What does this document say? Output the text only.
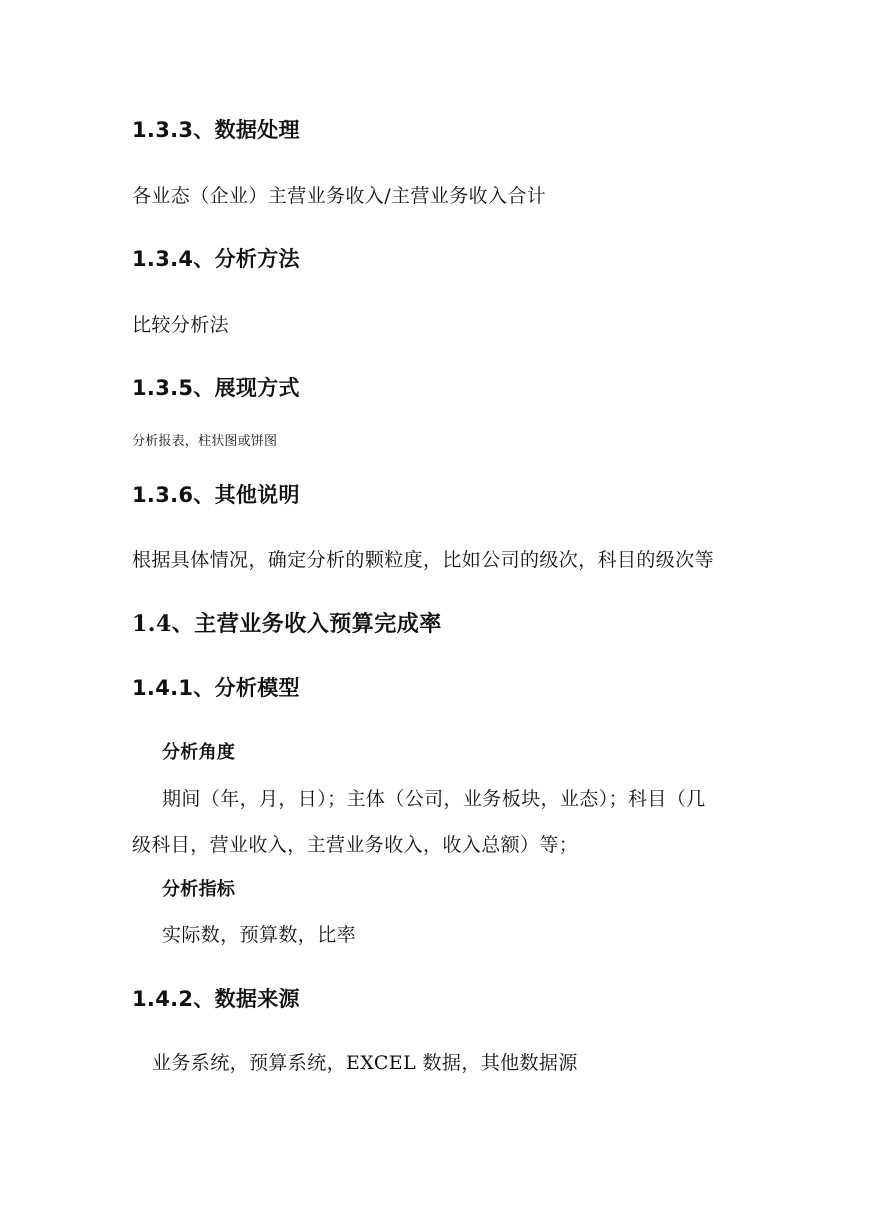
1.3.3、数据处理
各业态（企业）主营业务收入/主营业务收入合计
1.3.4、分析方法
比较分析法
1.3.5、展现方式
分析报表，柱状图或饼图
1.3.6、其他说明
根据具体情况，确定分析的颗粒度，比如公司的级次，科目的级次等
1.4、主营业务收入预算完成率
1.4.1、分析模型
分析角度
期间（年，月，日）；主体（公司，业务板块，业态）；科目（几
级科目，营业收入，主营业务收入，收入总额）等；
分析指标
实际数，预算数，比率
1.4.2、数据来源
业务系统，预算系统，EXCEL 数据，其他数据源
